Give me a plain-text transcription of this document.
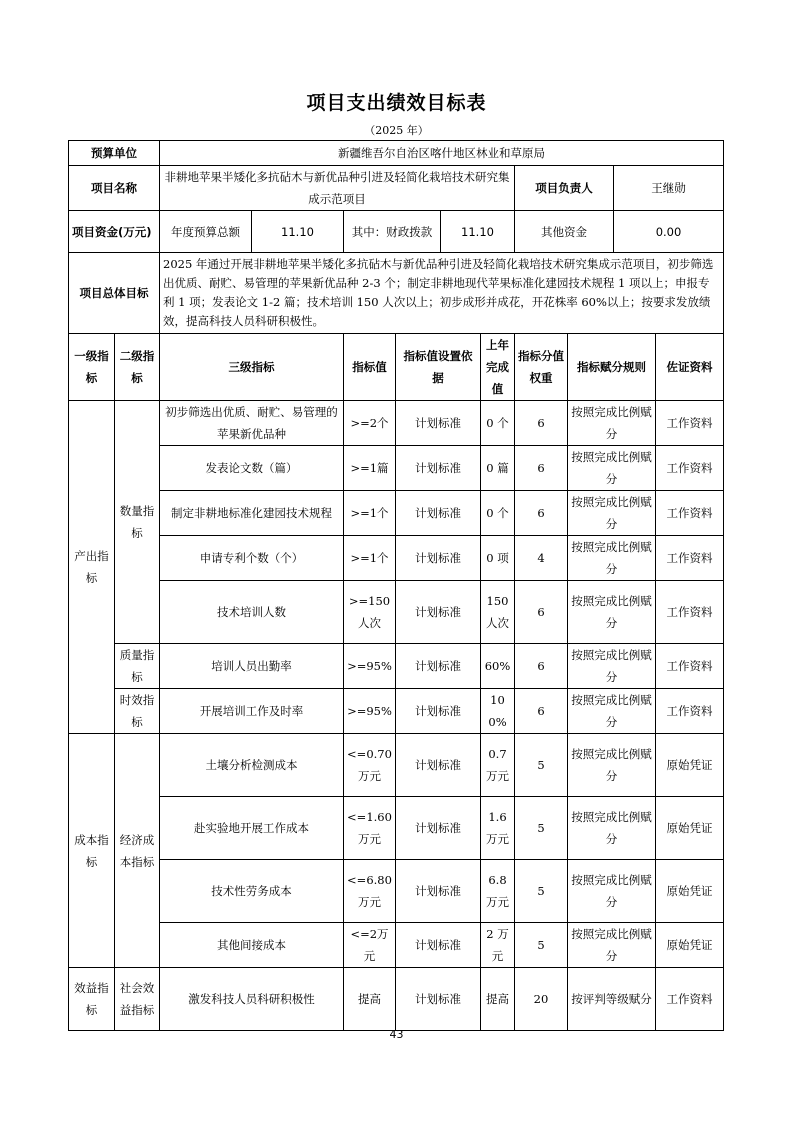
项目支出绩效目标表
（2025 年）
预算单位		新疆维吾尔自治区喀什地区林业和草原局									
项目名称		非耕地苹果半矮化多抗砧木与新优品种引进及轻简化栽培技术研究集成示范项目						项目负责人		王继勋	
项目资金(万元)		年度预算总额	11.10	其中：财政拨款		11.10		其他资金		0.00	
项目总体目标		2025 年通过开展非耕地苹果半矮化多抗砧木与新优品种引进及轻简化栽培技术研究集成示范项目，初步筛选出优质、耐贮、易管理的苹果新优品种 2-3 个；制定非耕地现代苹果标准化建园技术规程 1 项以上；申报专利 1 项；发表论文 1-2 篇；技术培训 150 人次以上；初步成形并成花，开花株率 60%以上；按要求发放绩效，提高科技人员科研积极性。									
一级指标	二级指标	三级指标		指标值	指标值设置依据		上年完成值	指标分值权重	指标赋分规则		佐证资料
产出指标	数量指标	初步筛选出优质、耐贮、易管理的苹果新优品种		>=2个	计划标准		0 个	6	按照完成比例赋分		工作资料
		发表论文数（篇）		>=1篇	计划标准		0 篇	6	按照完成比例赋分		工作资料
		制定非耕地标准化建园技术规程		>=1个	计划标准		0 个	6	按照完成比例赋分		工作资料
		申请专利个数（个）		>=1个	计划标准		0 项	4	按照完成比例赋分		工作资料
		技术培训人数		>=150人次	计划标准		150 人次	6	按照完成比例赋分		工作资料
	质量指标	培训人员出勤率		>=95%	计划标准		60%	6	按照完成比例赋分		工作资料
	时效指标	开展培训工作及时率		>=95%	计划标准		100%	6	按照完成比例赋分		工作资料
成本指标	经济成本指标	土壤分析检测成本		<=0.70万元	计划标准		0.7 万元	5	按照完成比例赋分		原始凭证
		赴实验地开展工作成本		<=1.60万元	计划标准		1.6 万元	5	按照完成比例赋分		原始凭证
		技术性劳务成本		<=6.80万元	计划标准		6.8 万元	5	按照完成比例赋分		原始凭证
		其他间接成本		<=2万元	计划标准		2 万元	5	按照完成比例赋分		原始凭证
效益指标	社会效益指标	激发科技人员科研积极性		提高	计划标准		提高	20	按评判等级赋分		工作资料
43
